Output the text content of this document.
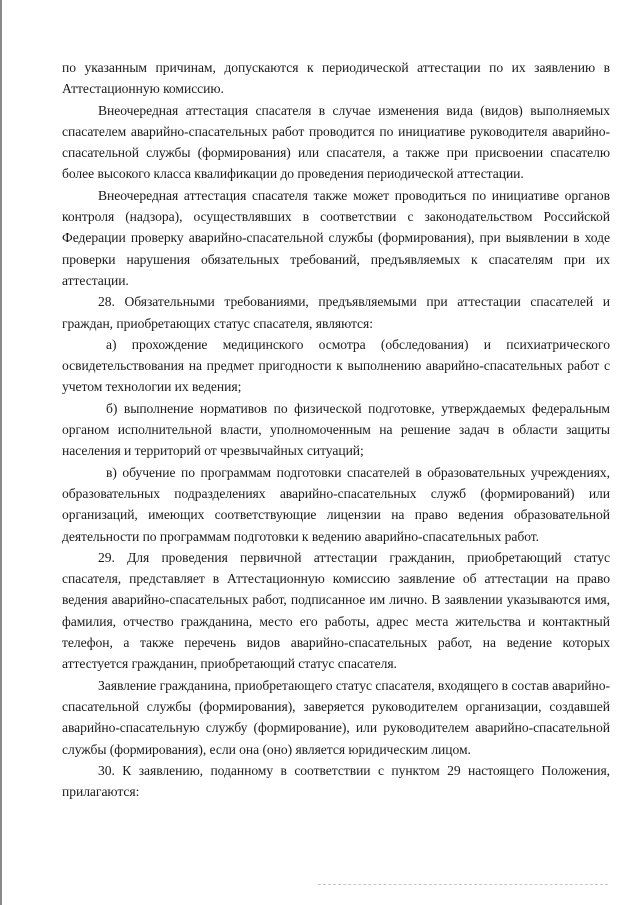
по указанным причинам, допускаются к периодической аттестации по их заявлению в Аттестационную комиссию.

Внеочередная аттестация спасателя в случае изменения вида (видов) выполняемых спасателем аварийно-спасательных работ проводится по инициативе руководителя аварийно-спасательной службы (формирования) или спасателя, а также при присвоении спасателю более высокого класса квалификации до проведения периодической аттестации.

Внеочередная аттестация спасателя также может проводиться по инициативе органов контроля (надзора), осуществлявших в соответствии с законодательством Российской Федерации проверку аварийно-спасательной службы (формирования), при выявлении в ходе проверки нарушения обязательных требований, предъявляемых к спасателям при их аттестации.

28. Обязательными требованиями, предъявляемыми при аттестации спасателей и граждан, приобретающих статус спасателя, являются:

а) прохождение медицинского осмотра (обследования) и психиатрического освидетельствования на предмет пригодности к выполнению аварийно-спасательных работ с учетом технологии их ведения;

б) выполнение нормативов по физической подготовке, утверждаемых федеральным органом исполнительной власти, уполномоченным на решение задач в области защиты населения и территорий от чрезвычайных ситуаций;

в) обучение по программам подготовки спасателей в образовательных учреждениях, образовательных подразделениях аварийно-спасательных служб (формирований) или организаций, имеющих соответствующие лицензии на право ведения образовательной деятельности по программам подготовки к ведению аварийно-спасательных работ.

29. Для проведения первичной аттестации гражданин, приобретающий статус спасателя, представляет в Аттестационную комиссию заявление об аттестации на право ведения аварийно-спасательных работ, подписанное им лично. В заявлении указываются имя, фамилия, отчество гражданина, место его работы, адрес места жительства и контактный телефон, а также перечень видов аварийно-спасательных работ, на ведение которых аттестуется гражданин, приобретающий статус спасателя.

Заявление гражданина, приобретающего статус спасателя, входящего в состав аварийно-спасательной службы (формирования), заверяется руководителем организации, создавшей аварийно-спасательную службу (формирование), или руководителем аварийно-спасательной службы (формирования), если она (оно) является юридическим лицом.

30. К заявлению, поданному в соответствии с пунктом 29 настоящего Положения, прилагаются:
